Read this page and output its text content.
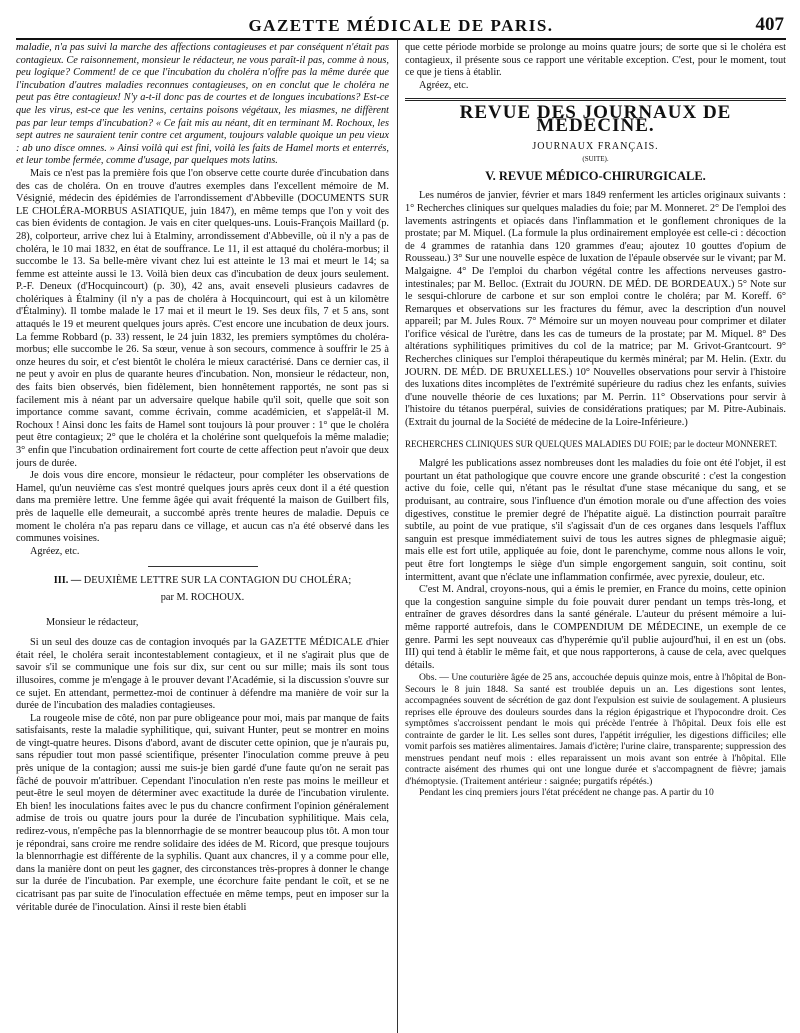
GAZETTE MÉDICALE DE PARIS.	407

maladie, n'a pas suivi la marche des affections contagieuses et par conséquent n'était pas contagieux. Ce raisonnement, monsieur le rédacteur, ne vous paraît-il pas, comme à nous, peu logique? Comment! de ce que l'incubation du choléra n'offre pas la même durée que l'incubation d'autres maladies reconnues contagieuses, on en conclut que le choléra ne peut pas être contagieux! N'y a-t-il donc pas de courtes et de longues incubations? Est-ce que les virus, est-ce que les venins, certains poisons végétaux, les miasmes, ne diffèrent pas par leur temps d'incubation? « Ce fait mis au néant, dit en terminant M. Rochoux, les sept autres ne sauraient tenir contre cet argument, toujours valable quoique un peu vieux : ab uno disce omnes. » Ainsi voilà qui est fini, voilà les faits de Hamel morts et enterrés, et leur tombe fermée, comme d'usage, par quelques mots latins.

Mais ce n'est pas la première fois que l'on observe cette courte durée d'incubation dans des cas de choléra. On en trouve d'autres exemples dans l'excellent mémoire de M. Vésignié, médecin des épidémies de l'arrondissement d'Abbeville (DOCUMENTS SUR LE CHOLÉRA-MORBUS ASIATIQUE, juin 1847), en même temps que l'on y voit des cas bien évidents de contagion. Je vais en citer quelques-uns. Louis-François Maillard (p. 28), colporteur, arrive chez lui à Etalminy, arrondissement d'Abbeville, où il n'y a pas de choléra, le 10 mai 1832, en état de souffrance. Le 11, il est attaqué du choléra-morbus; il succombe le 13. Sa belle-mère vivant chez lui est atteinte le 13 mai et meurt le 14; sa femme est atteinte aussi le 13. Voilà bien deux cas d'incubation de deux jours seulement. P.-F. Deneux (d'Hocquincourt) (p. 30), 42 ans, avait enseveli plusieurs cadavres de cholériques à Étalminy (il n'y a pas de choléra à Hocquincourt, qui est à un kilomètre d'Étalminy). Il tombe malade le 17 mai et il meurt le 19. Ses deux fils, 7 et 5 ans, sont attaqués le 19 et meurent quelques jours après. C'est encore une incubation de deux jours. La femme Robbard (p. 33) ressent, le 24 juin 1832, les premiers symptômes du choléra-morbus; elle succombe le 26. Sa sœur, venue à son secours, commence à souffrir le 25 à onze heures du soir, et c'est bientôt le choléra le mieux caractérisé. Dans ce dernier cas, il ne peut y avoir en plus de quarante heures d'incubation. Non, monsieur le rédacteur, non, des faits bien observés, bien fidèlement, bien honnêtement rapportés, ne sont pas si facilement mis à néant par un adversaire quelque habile qu'il soit, quelle que soit son importance comme savant, comme écrivain, comme académicien, et s'appelât-il M. Rochoux ! Ainsi donc les faits de Hamel sont toujours là pour prouver : 1° que le choléra peut être contagieux; 2° que le choléra et la cholérine sont quelquefois la même maladie; 3° enfin que l'incubation ordinairement fort courte de cette affection peut n'avoir que deux jours de durée.

Je dois vous dire encore, monsieur le rédacteur, pour compléter les observations de Hamel, qu'un neuvième cas s'est montré quelques jours après ceux dont il a été question dans ma première lettre. Une femme âgée qui avait fréquenté la maison de Guilbert fils, près de laquelle elle demeurait, a succombé après trente heures de maladie. Depuis ce moment le choléra n'a pas reparu dans ce village, et aucun cas n'a été observé dans les communes voisines.

Agréez, etc.

III. — DEUXIÈME LETTRE SUR LA CONTAGION DU CHOLÉRA;
par M. ROCHOUX.

Monsieur le rédacteur,

Si un seul des douze cas de contagion invoqués par la GAZETTE MÉDICALE d'hier était réel, le choléra serait incontestablement contagieux, et il ne s'agirait plus que de savoir s'il se communique une fois sur dix, sur cent ou sur mille; mais ils sont tous illusoires, comme je m'engage à le prouver devant l'Académie, si la discussion s'ouvre sur ce sujet. En attendant, permettez-moi de continuer à défendre ma manière de voir sur la durée de l'incubation des maladies contagieuses.

La rougeole mise de côté, non par pure obligeance pour moi, mais par manque de faits satisfaisants, reste la maladie syphilitique, qui, suivant Hunter, peut se montrer en moins de vingt-quatre heures. Disons d'abord, avant de discuter cette opinion, que je n'aurais pu, sans répudier tout mon passé scientifique, présenter l'inoculation comme preuve à peu près unique de la contagion; aussi me suis-je bien gardé d'une faute qu'on ne serait pas fâché de pouvoir m'attribuer. Cependant l'inoculation n'en reste pas moins le meilleur et peut-être le seul moyen de déterminer avec exactitude la durée de l'incubation virulente. Eh bien! les inoculations faites avec le pus du chancre confirment l'opinion généralement admise de trois ou quatre jours pour la durée de l'incubation syphilitique. Mais cela, redirez-vous, n'empêche pas la blennorrhagie de se montrer beaucoup plus tôt. A mon tour je répondrai, sans croire me rendre solidaire des idées de M. Ricord, que presque toujours la blennorrhagie est différente de la syphilis. Quant aux chancres, il y a comme pour elle, dans la manière dont on peut les gagner, des circonstances très-propres à donner le change sur la durée de l'incubation. Par exemple, une écorchure faite pendant le coït, et se ne cicatrisant pas par suite de l'inoculation effectuée en même temps, peut en imposer sur la véritable durée de l'inoculation. Ainsi il reste bien établi

que cette période morbide se prolonge au moins quatre jours; de sorte que si le choléra est contagieux, il présente sous ce rapport une véritable exception. C'est, pour le moment, tout ce que je tiens à établir.

Agréez, etc.

REVUE DES JOURNAUX DE MÉDECINE.
JOURNAUX FRANÇAIS.
(SUITE).
V. REVUE MÉDICO-CHIRURGICALE.

Les numéros de janvier, février et mars 1849 renferment les articles originaux suivants : 1° Recherches cliniques sur quelques maladies du foie; par M. Monneret. 2° De l'emploi des lavements astringents et opiacés dans l'inflammation et le gonflement chroniques de la prostate; par M. Miquel. (La formule la plus ordinairement employée est celle-ci : décoction de 4 grammes de ratanhia dans 120 grammes d'eau; ajoutez 10 gouttes d'opium de Rousseau.) 3° Sur une nouvelle espèce de luxation de l'épaule observée sur le vivant; par M. Malgaigne. 4° De l'emploi du charbon végétal contre les affections nerveuses gastro-intestinales; par M. Belloc. (Extrait du JOURN. DE MÉD. DE BORDEAUX.) 5° Note sur le sesqui-chlorure de carbone et sur son emploi contre le choléra; par M. Koreff. 6° Remarques et observations sur les fractures du fémur, avec la description d'un nouvel appareil; par M. Jules Roux. 7° Mémoire sur un moyen nouveau pour comprimer et dilater l'orifice vésical de l'urètre, dans les cas de tumeurs de la prostate; par M. Miquel. 8° Des altérations syphilitiques primitives du col de la matrice; par M. Grivot-Grantcourt. 9° Recherches cliniques sur l'emploi thérapeutique du kermès minéral; par M. Helin. (Extr. du JOURN. DE MÉD. DE BRUXELLES.) 10° Nouvelles observations pour servir à l'histoire des luxations dites incomplètes de l'extrémité supérieure du radius chez les enfants, suivies d'une nouvelle théorie de ces luxations; par M. Perrin. 11° Observations pour servir à l'histoire du tétanos puerpéral, suivies de considérations pratiques; par M. Pitre-Aubinais. (Extrait du journal de la Société de médecine de la Loire-Inférieure.)

RECHERCHES CLINIQUES SUR QUELQUES MALADIES DU FOIE; par le docteur MONNERET.

Malgré les publications assez nombreuses dont les maladies du foie ont été l'objet, il est pourtant un état pathologique que couvre encore une grande obscurité : c'est la congestion active du foie, celle qui, n'étant pas le résultat d'une stase mécanique du sang, et se produisant, au contraire, sous l'influence d'un émotion morale ou d'une affection des voies digestives, constitue le premier degré de l'hépatite aiguë. La distinction pourrait paraître subtile, au point de vue pratique, s'il s'agissait d'un de ces organes dans lesquels l'afflux sanguin est presque immédiatement suivi de tous les autres signes de phlegmasie aiguë; mais elle est fort utile, appliquée au foie, dont le parenchyme, comme nous allons le voir, peut être fort longtemps le siège d'un simple engorgement sanguin, soit continu, soit intermittent, avant que n'éclate une inflammation confirmée, avec pyrexie, douleur, etc.

C'est M. Andral, croyons-nous, qui a émis le premier, en France du moins, cette opinion que la congestion sanguine simple du foie pouvait durer pendant un temps très-long, et entraîner de graves désordres dans la santé générale. L'auteur du présent mémoire a lui-même rapporté autrefois, dans le COMPENDIUM DE MÉDECINE, un exemple de ce genre. Parmi les sept nouveaux cas d'hyperémie qu'il publie aujourd'hui, il en est un (obs. III) qui tend à établir le même fait, et que nous rapporterons, à cause de cela, avec quelques détails.

Obs. — Une couturière âgée de 25 ans, accouchée depuis quinze mois, entre à l'hôpital de Bon-Secours le 8 juin 1848. Sa santé est troublée depuis un an. Les digestions sont lentes, accompagnées souvent de sécrétion de gaz dont l'expulsion est suivie de soulagement. A plusieurs reprises elle éprouve des douleurs sourdes dans la région épigastrique et l'hypocondre droit. Ces symptômes s'accroissent pendant le mois qui précède l'entrée à l'hôpital. Deux fois elle est contrainte de garder le lit. Les selles sont dures, l'appétit irrégulier, les digestions difficiles; elle vomit parfois ses matières alimentaires. Jamais d'ictère; l'urine claire, transparente; suppression des menstrues pendant neuf mois : elles reparaissent un mois avant son entrée à l'hôpital. Elle contracte aisément des rhumes qui ont une longue durée et s'accompagnent de fièvre; jamais d'hémoptysie. (Traitement antérieur : saignée; purgatifs répétés.)

Pendant les cinq premiers jours l'état précédent ne change pas. A partir du 10
